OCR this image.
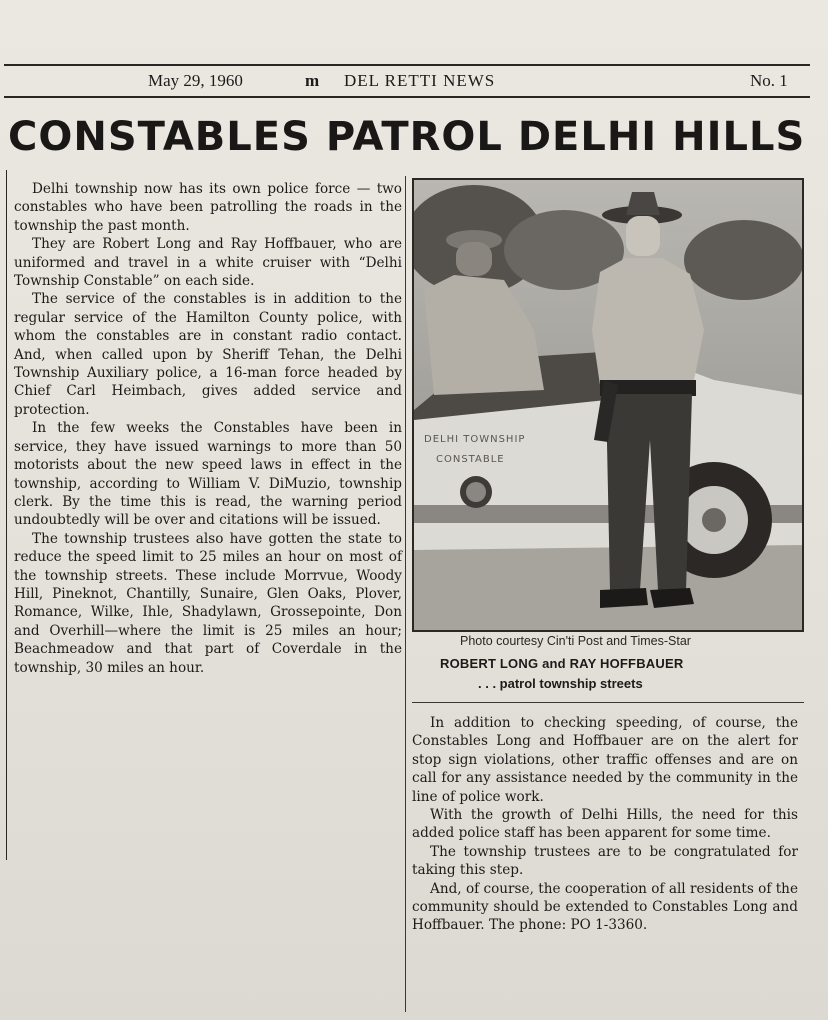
May 29, 1960	m DEL RETTI NEWS	No. 1
CONSTABLES PATROL DELHI HILLS

Delhi township now has its own police force — two constables who have been patrolling the roads in the township the past month.

They are Robert Long and Ray Hoffbauer, who are uniformed and travel in a white cruiser with “Delhi Township Constable” on each side.

The service of the constables is in addition to the regular service of the Hamilton County police, with whom the constables are in constant radio contact. And, when called upon by Sheriff Tehan, the Delhi Township Auxiliary police, a 16-man force headed by Chief Carl Heimbach, gives added service and protection.

In the few weeks the Constables have been in service, they have issued warnings to more than 50 motorists about the new speed laws in effect in the township, according to William V. DiMuzio, township clerk. By the time this is read, the warning period undoubtedly will be over and citations will be issued.

The township trustees also have gotten the state to reduce the speed limit to 25 miles an hour on most of the township streets. These include Morrvue, Woody Hill, Pineknot, Chantilly, Sunaire, Glen Oaks, Plover, Romance, Wilke, Ihle, Shadylawn, Grossepointe, Don and Overhill—where the limit is 25 miles an hour; Beachmeadow and that part of Coverdale in the township, 30 miles an hour.

DELHI TOWNSHIP
CONSTABLE
Photo courtesy Cin'ti Post and Times-Star
ROBERT LONG and RAY HOFFBAUER
. . . patrol township streets

In addition to checking speeding, of course, the Constables Long and Hoffbauer are on the alert for stop sign violations, other traffic offenses and are on call for any assistance needed by the community in the line of police work.

With the growth of Delhi Hills, the need for this added police staff has been apparent for some time.

The township trustees are to be congratulated for taking this step.

And, of course, the cooperation of all residents of the community should be extended to Constables Long and Hoffbauer. The phone: PO 1-3360.
